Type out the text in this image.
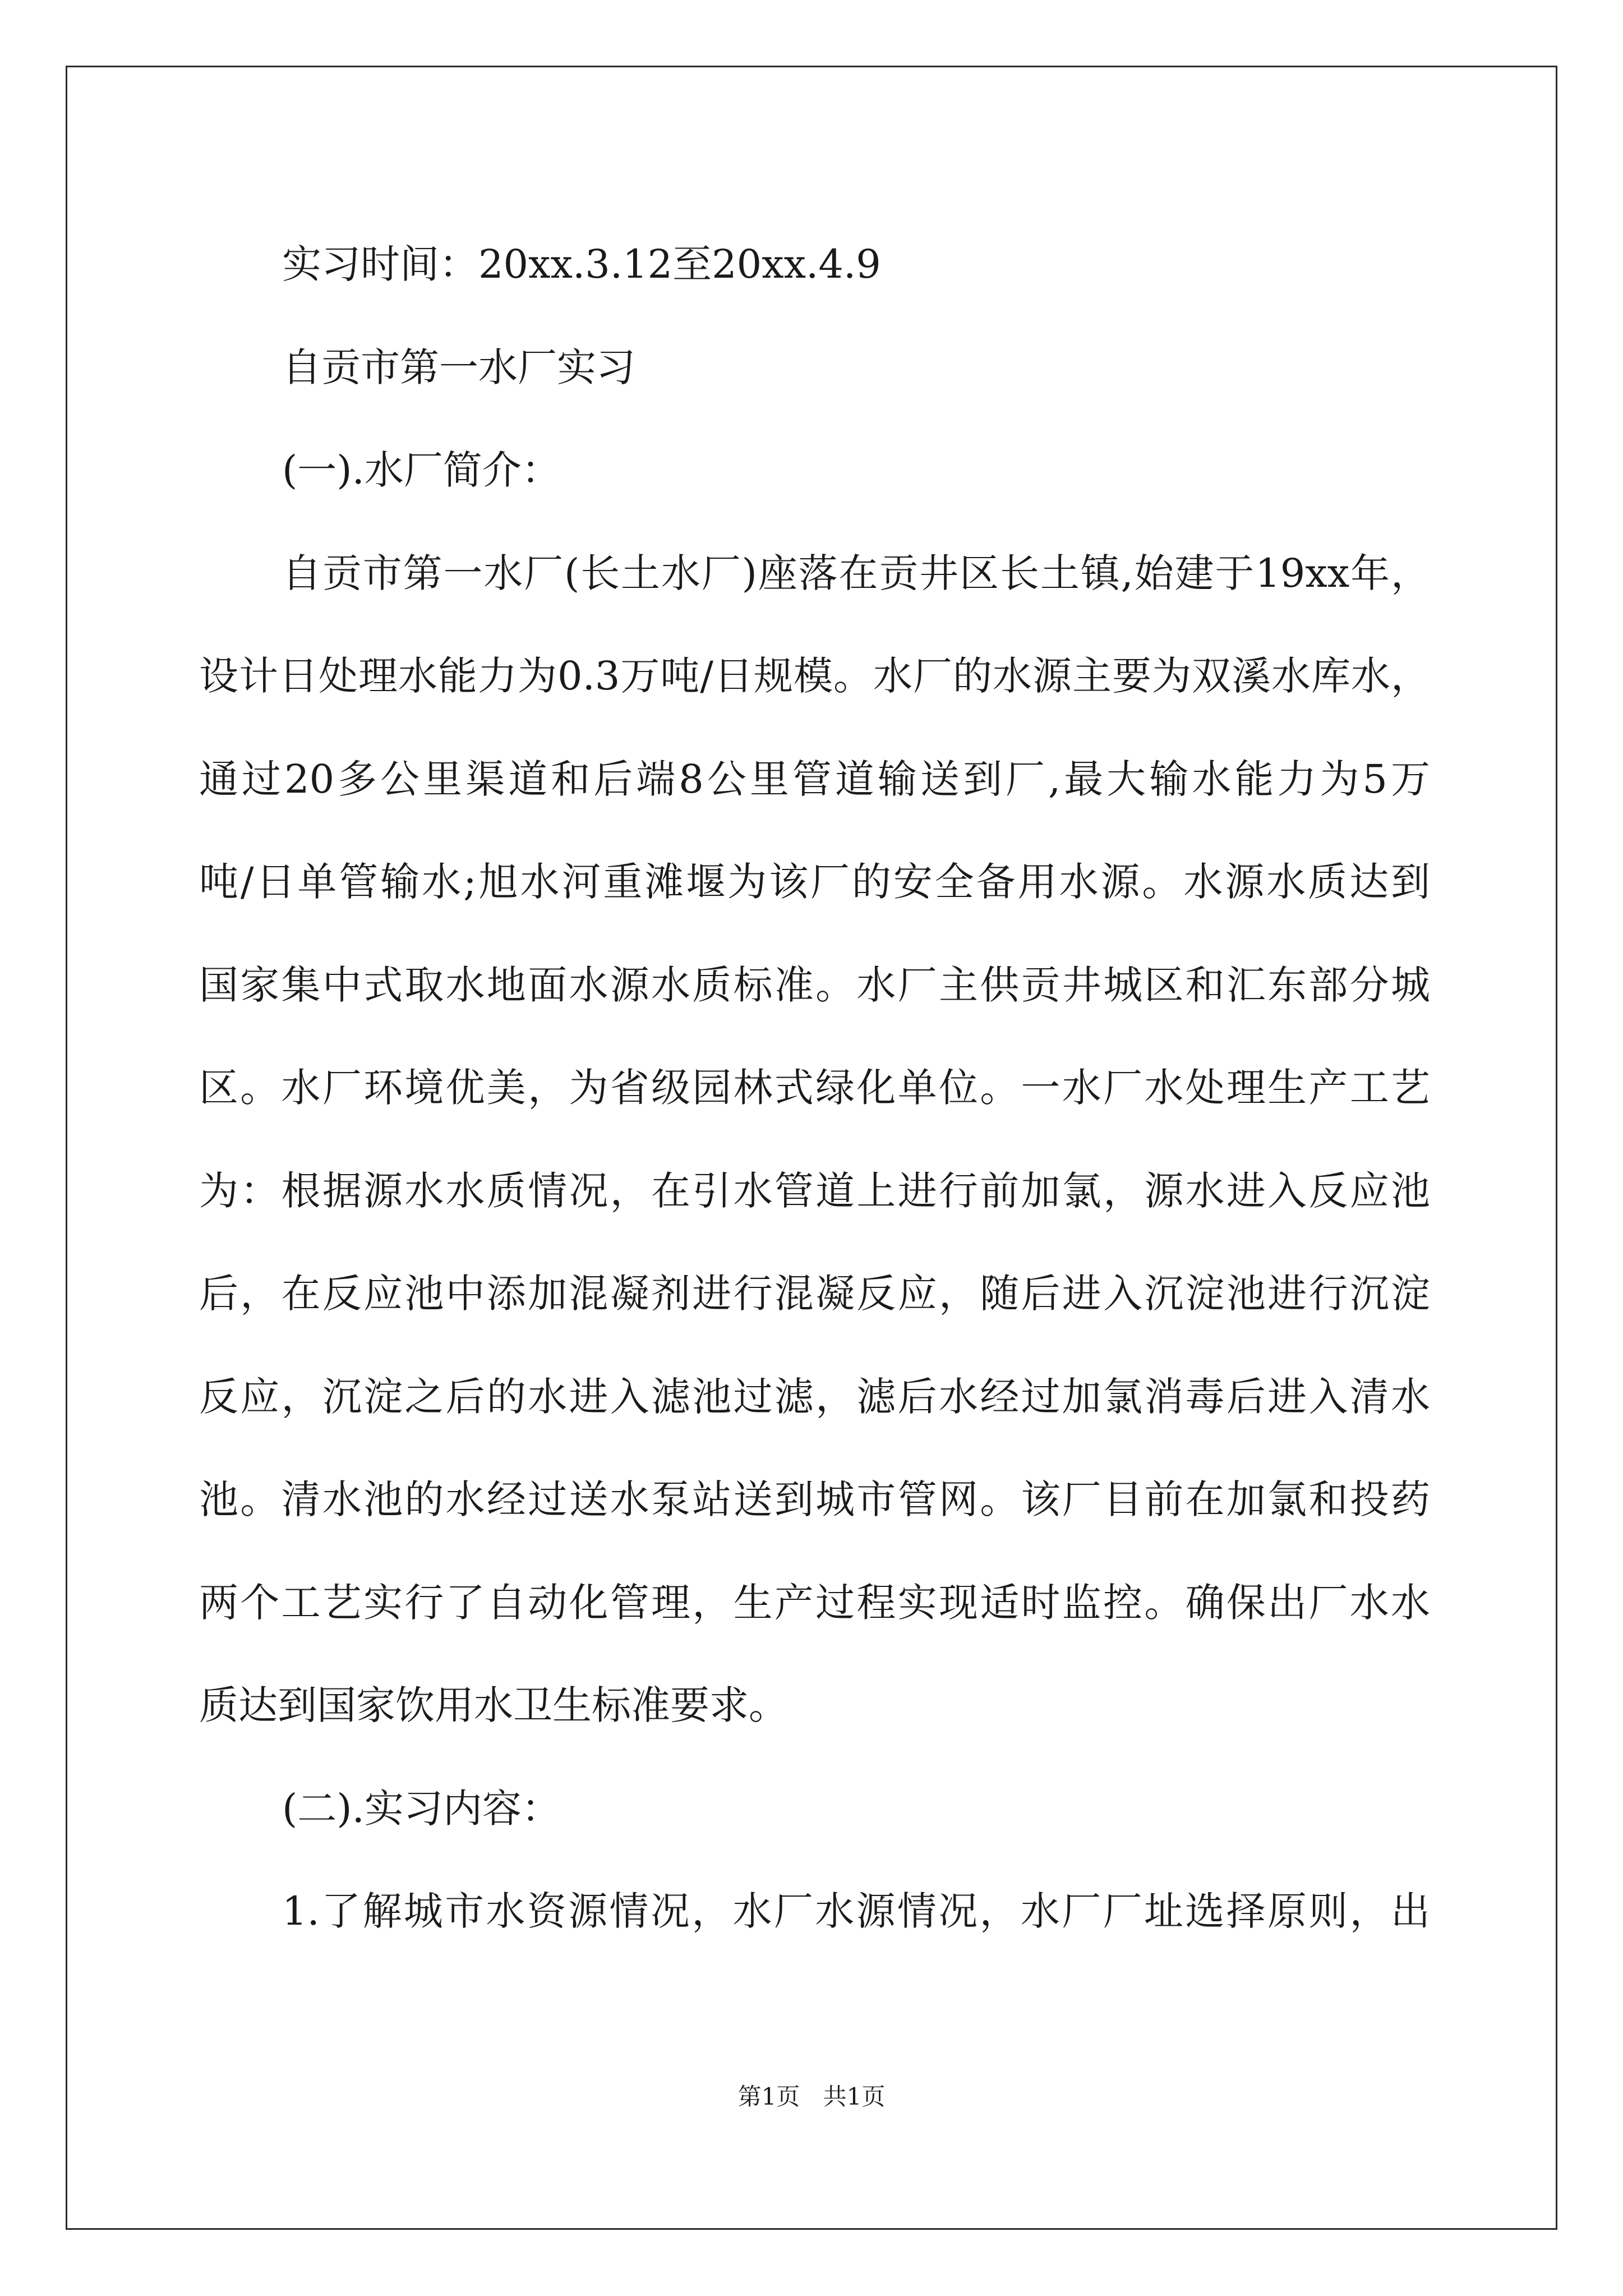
实习时间：20xx.3.12至20xx.4.9
自贡市第一水厂实习
(一).水厂简介：
自贡市第一水厂(长土水厂)座落在贡井区长土镇,始建于19xx年，
设计日处理水能力为0.3万吨/日规模。水厂的水源主要为双溪水库水，
通过20多公里渠道和后端8公里管道输送到厂,最大输水能力为5万
吨/日单管输水;旭水河重滩堰为该厂的安全备用水源。水源水质达到
国家集中式取水地面水源水质标准。水厂主供贡井城区和汇东部分城
区。水厂环境优美，为省级园林式绿化单位。一水厂水处理生产工艺
为：根据源水水质情况，在引水管道上进行前加氯，源水进入反应池
后，在反应池中添加混凝剂进行混凝反应，随后进入沉淀池进行沉淀
反应，沉淀之后的水进入滤池过滤，滤后水经过加氯消毒后进入清水
池。清水池的水经过送水泵站送到城市管网。该厂目前在加氯和投药
两个工艺实行了自动化管理，生产过程实现适时监控。确保出厂水水
质达到国家饮用水卫生标准要求。
(二).实习内容：
1.了解城市水资源情况，水厂水源情况，水厂厂址选择原则，出
第1页 共1页
